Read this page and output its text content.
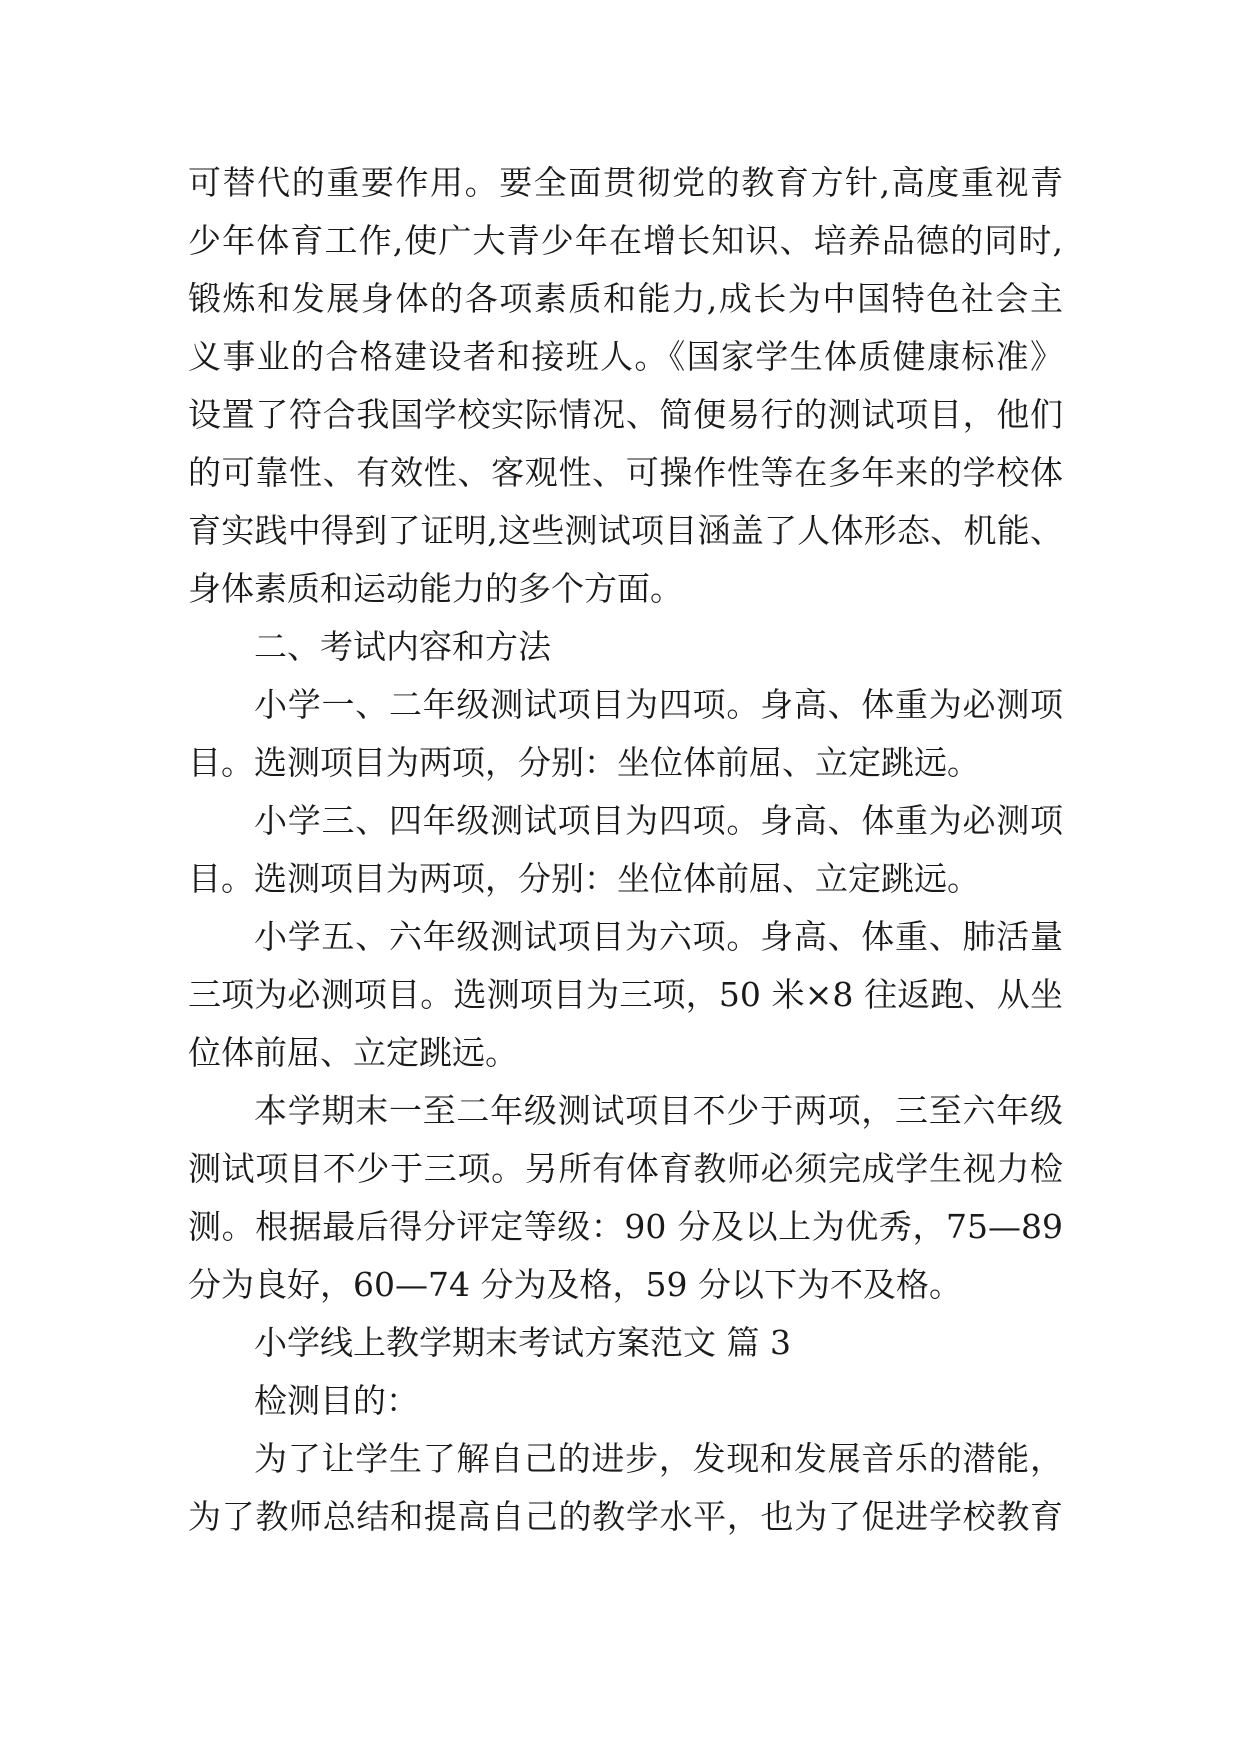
可替代的重要作用。要全面贯彻党的教育方针,高度重视青
少年体育工作,使广大青少年在增长知识、培养品德的同时,
锻炼和发展身体的各项素质和能力,成长为中国特色社会主
义事业的合格建设者和接班人。《国家学生体质健康标准》
设置了符合我国学校实际情况、简便易行的测试项目，他们
的可靠性、有效性、客观性、可操作性等在多年来的学校体
育实践中得到了证明,这些测试项目涵盖了人体形态、机能、
身体素质和运动能力的多个方面。
二、考试内容和方法
小学一、二年级测试项目为四项。身高、体重为必测项
目。选测项目为两项，分别：坐位体前屈、立定跳远。
小学三、四年级测试项目为四项。身高、体重为必测项
目。选测项目为两项，分别：坐位体前屈、立定跳远。
小学五、六年级测试项目为六项。身高、体重、肺活量
三项为必测项目。选测项目为三项，50 米×8 往返跑、从坐
位体前屈、立定跳远。
本学期末一至二年级测试项目不少于两项，三至六年级
测试项目不少于三项。另所有体育教师必须完成学生视力检
测。根据最后得分评定等级：90 分及以上为优秀，75—89
分为良好，60—74 分为及格，59 分以下为不及格。
小学线上教学期末考试方案范文 篇 3
检测目的：
为了让学生了解自己的进步，发现和发展音乐的潜能，
为了教师总结和提高自己的教学水平，也为了促进学校教育
